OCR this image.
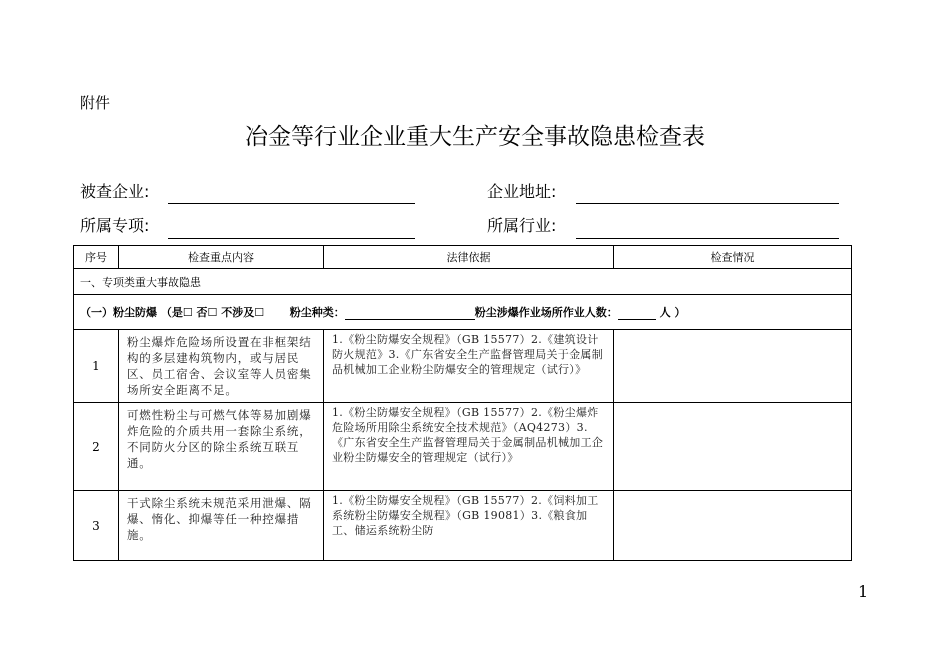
附件
冶金等行业企业重大生产安全事故隐患检查表
被查企业:	企业地址:
所属专项:	所属行业:
序号	检查重点内容	法律依据	检查情况
一、专项类重大事故隐患			
（一）粉尘防爆 （是☐ 否☐ 不涉及☐ 粉尘种类： 粉尘涉爆作业场所作业人数： 人 ）			
1	粉尘爆炸危险场所设置在非框架结构的多层建构筑物内，或与居民区、员工宿舍、会议室等人员密集场所安全距离不足。	1.《粉尘防爆安全规程》（GB 15577）2.《建筑设计防火规范》3.《广东省安全生产监督管理局关于金属制品机械加工企业粉尘防爆安全的管理规定（试行）》	
2	可燃性粉尘与可燃气体等易加剧爆炸危险的介质共用一套除尘系统，不同防火分区的除尘系统互联互通。	1.《粉尘防爆安全规程》（GB 15577）2.《粉尘爆炸危险场所用除尘系统安全技术规范》（AQ4273）3.《广东省安全生产监督管理局关于金属制品机械加工企业粉尘防爆安全的管理规定（试行）》	
3	干式除尘系统未规范采用泄爆、隔爆、惰化、抑爆等任一种控爆措施。	1.《粉尘防爆安全规程》（GB 15577）2.《饲料加工系统粉尘防爆安全规程》（GB 19081）3.《粮食加工、储运系统粉尘防	
1
